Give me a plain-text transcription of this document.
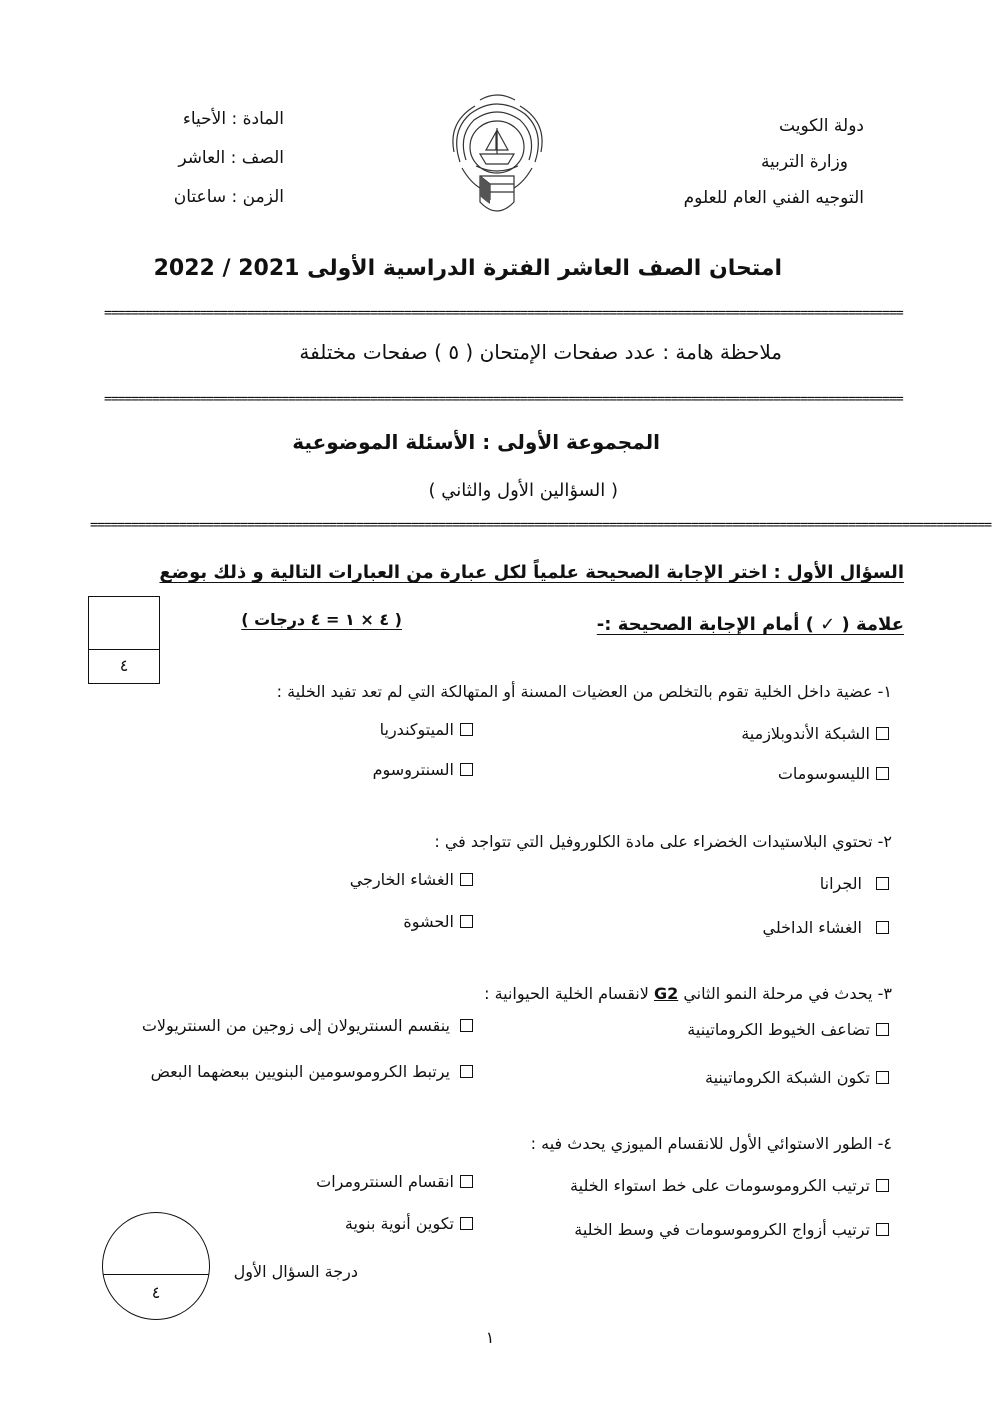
دولة الكويت
وزارة التربية
التوجيه الفني العام للعلوم
المادة : الأحياء
الصف : العاشر
الزمن : ساعتان
امتحان الصف العاشر الفترة الدراسية الأولى 2021 / 2022
=====================================================================================================================
ملاحظة هامة : عدد صفحات الإمتحان ( ٥ ) صفحات مختلفة
=====================================================================================================================
المجموعة الأولى : الأسئلة الموضوعية
( السؤالين الأول والثاني )
====================================================================================================================================
السؤال الأول : اختر الإجابة الصحيحة علمياً لكل عبارة من العبارات التالية و ذلك بوضع
علامة ( ✓ ) أمام الإجابة الصحيحة :-
( ٤ × ١ = ٤ درجات )
٤
١- عضية داخل الخلية تقوم بالتخلص من العضيات المسنة أو المتهالكة التي لم تعد تفيد الخلية :
الشبكة الأندوبلازمية
الميتوكندريا
الليسوسومات
السنتروسوم
٢- تحتوي البلاستيدات الخضراء على مادة الكلوروفيل التي تتواجد في :
الجرانا
الغشاء الخارجي
الغشاء الداخلي
الحشوة
٣- يحدث في مرحلة النمو الثاني G2 لانقسام الخلية الحيوانية :
تضاعف الخيوط الكروماتينية
ينقسم السنتريولان إلى زوجين من السنتريولات
تكون الشبكة الكروماتينية
يرتبط الكروموسومين البنويين ببعضهما البعض
٤- الطور الاستوائي الأول للانقسام الميوزي يحدث فيه :
ترتيب الكروموسومات على خط استواء الخلية
انقسام السنترومرات
ترتيب أزواج الكروموسومات في وسط الخلية
تكوين أنوية بنوية
٤
درجة السؤال الأول
١
